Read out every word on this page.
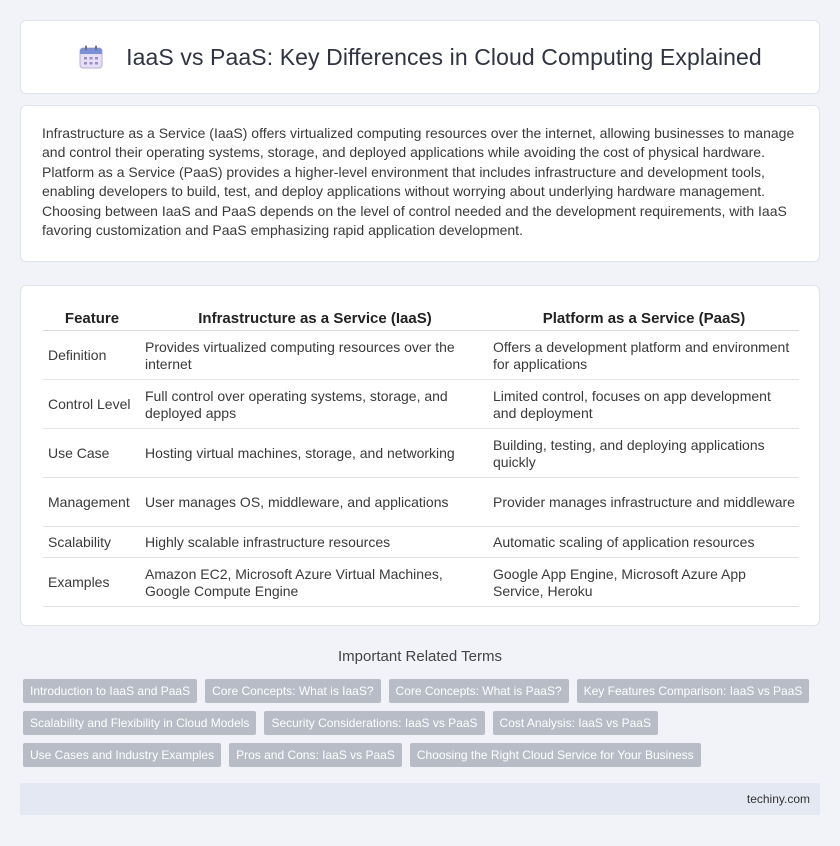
IaaS vs PaaS: Key Differences in Cloud Computing Explained

Infrastructure as a Service (IaaS) offers virtualized computing resources over the internet, allowing businesses to manage and control their operating systems, storage, and deployed applications while avoiding the cost of physical hardware. Platform as a Service (PaaS) provides a higher-level environment that includes infrastructure and development tools, enabling developers to build, test, and deploy applications without worrying about underlying hardware management. Choosing between IaaS and PaaS depends on the level of control needed and the development requirements, with IaaS favoring customization and PaaS emphasizing rapid application development.

Feature	Infrastructure as a Service (IaaS)	Platform as a Service (PaaS)
Definition	Provides virtualized computing resources over the internet	Offers a development platform and environment for applications
Control Level	Full control over operating systems, storage, and deployed apps	Limited control, focuses on app development and deployment
Use Case	Hosting virtual machines, storage, and networking	Building, testing, and deploying applications quickly
Management	User manages OS, middleware, and applications	Provider manages infrastructure and middleware
Scalability	Highly scalable infrastructure resources	Automatic scaling of application resources
Examples	Amazon EC2, Microsoft Azure Virtual Machines, Google Compute Engine	Google App Engine, Microsoft Azure App Service, Heroku
Important Related Terms
Introduction to IaaS and PaaS	Core Concepts: What is IaaS?	Core Concepts: What is PaaS?	Key Features Comparison: IaaS vs PaaS
Scalability and Flexibility in Cloud Models	Security Considerations: IaaS vs PaaS	Cost Analysis: IaaS vs PaaS
Use Cases and Industry Examples	Pros and Cons: IaaS vs PaaS	Choosing the Right Cloud Service for Your Business
techiny.com
